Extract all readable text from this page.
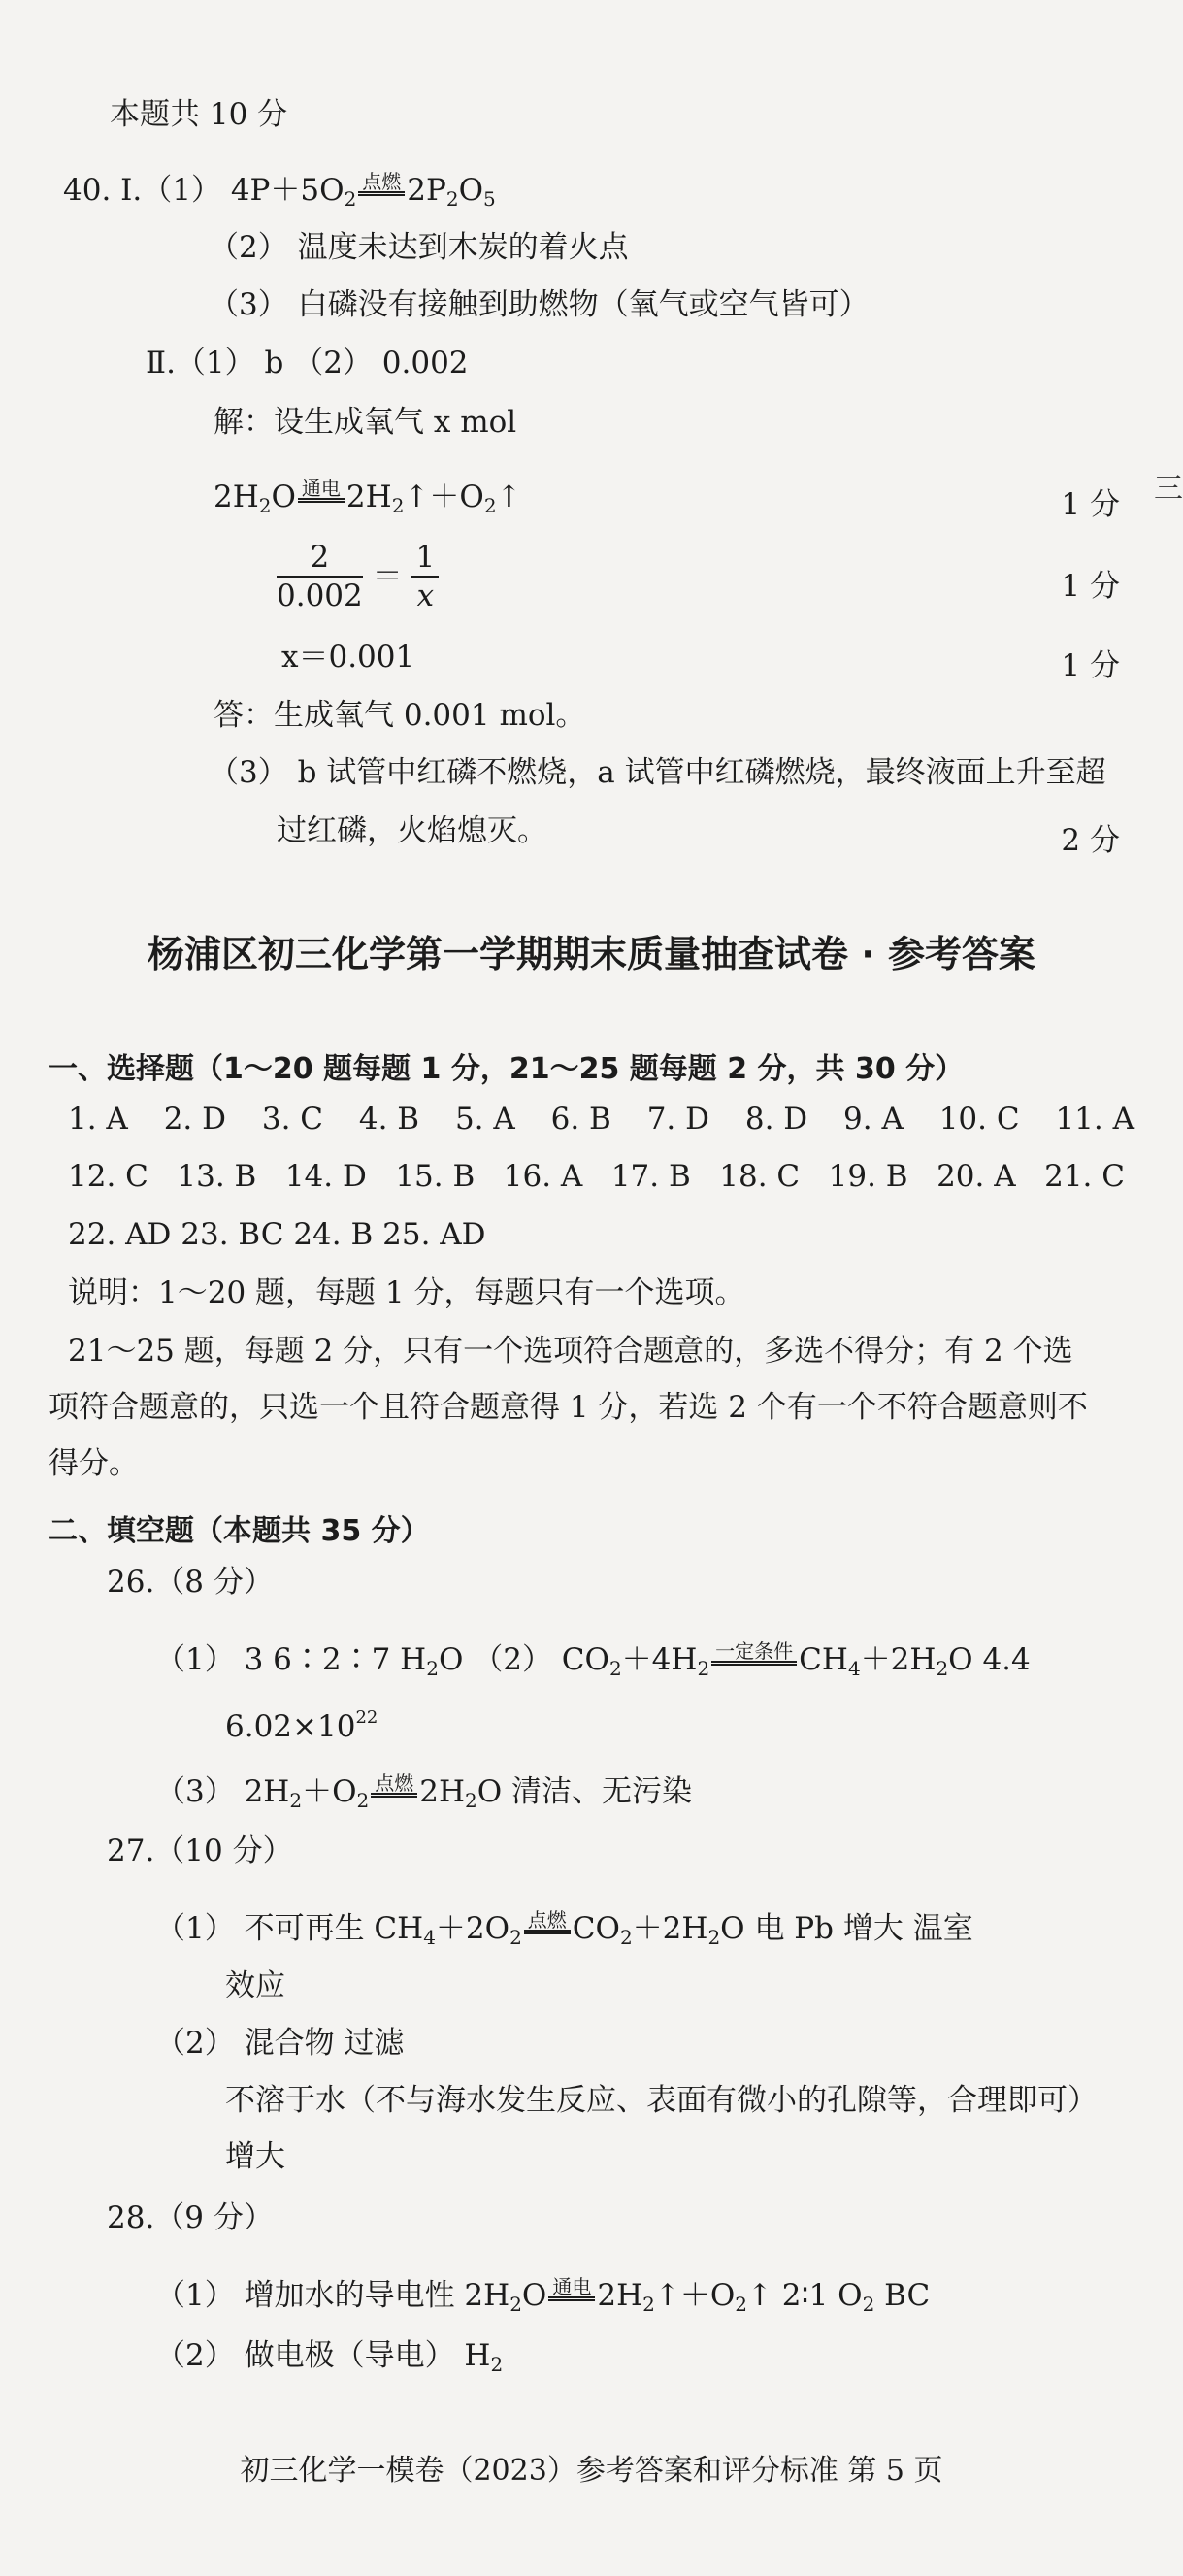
本题共 10 分
40. Ⅰ.（1） $4P+5O_2$点燃 $2P_2O_5$
（2） 温度未达到木炭的着火点
（3） 白磷没有接触到助燃物（氧气或空气皆可）
Ⅱ.（1） b （2） 0.002
解：设生成氧气 x mol
$2H_2O$ 通电 $2H_2↑+O_2↑$	1 分
$\frac{2}{0.002} = \frac{1}{x}$	1 分
x＝0.001	1 分
答：生成氧气 0.001 mol。
（3） b 试管中红磷不燃烧，a 试管中红磷燃烧，最终液面上升至超
过红磷，火焰熄灭。	2 分
三
杨浦区初三化学第一学期期末质量抽查试卷 · 参考答案
一、选择题（1～20 题每题 1 分，21～25 题每题 2 分，共 30 分）
1. A 2. D 3. C 4. B 5. A 6. B 7. D 8. D 9. A 10. C 11. A
12. C 13. B 14. D 15. B 16. A 17. B 18. C 19. B 20. A 21. C
22. AD 23. BC 24. B 25. AD
说明：1～20 题，每题 1 分，每题只有一个选项。
21～25 题，每题 2 分，只有一个选项符合题意的，多选不得分；有 2 个选
项符合题意的，只选一个且符合题意得 1 分，若选 2 个有一个不符合题意则不
得分。
二、填空题（本题共 35 分）
26.（8 分）
（1） 3 6∶2∶7 $H_2O$ （2） $CO_2+4H_2$一定条件 $CH_4+2H_2O$ 4.4
$6.02\times 10^{22}$
（3） $2H_2+O_2$点燃 $2H_2O$ 清洁、无污染
27.（10 分）
（1） 不可再生 $CH_4+2O_2$点燃 $CO_2+2H_2O$ 电 Pb 增大 温室
效应
（2） 混合物 过滤
不溶于水（不与海水发生反应、表面有微小的孔隙等，合理即可）
增大
28.（9 分）
（1） 增加水的导电性 $2H_2O$ 通电 $2H_2↑+O_2↑$ 2∶1 $O_2$ BC
（2） 做电极（导电） $H_2$
初三化学一模卷（2023）参考答案和评分标准 第 5 页
